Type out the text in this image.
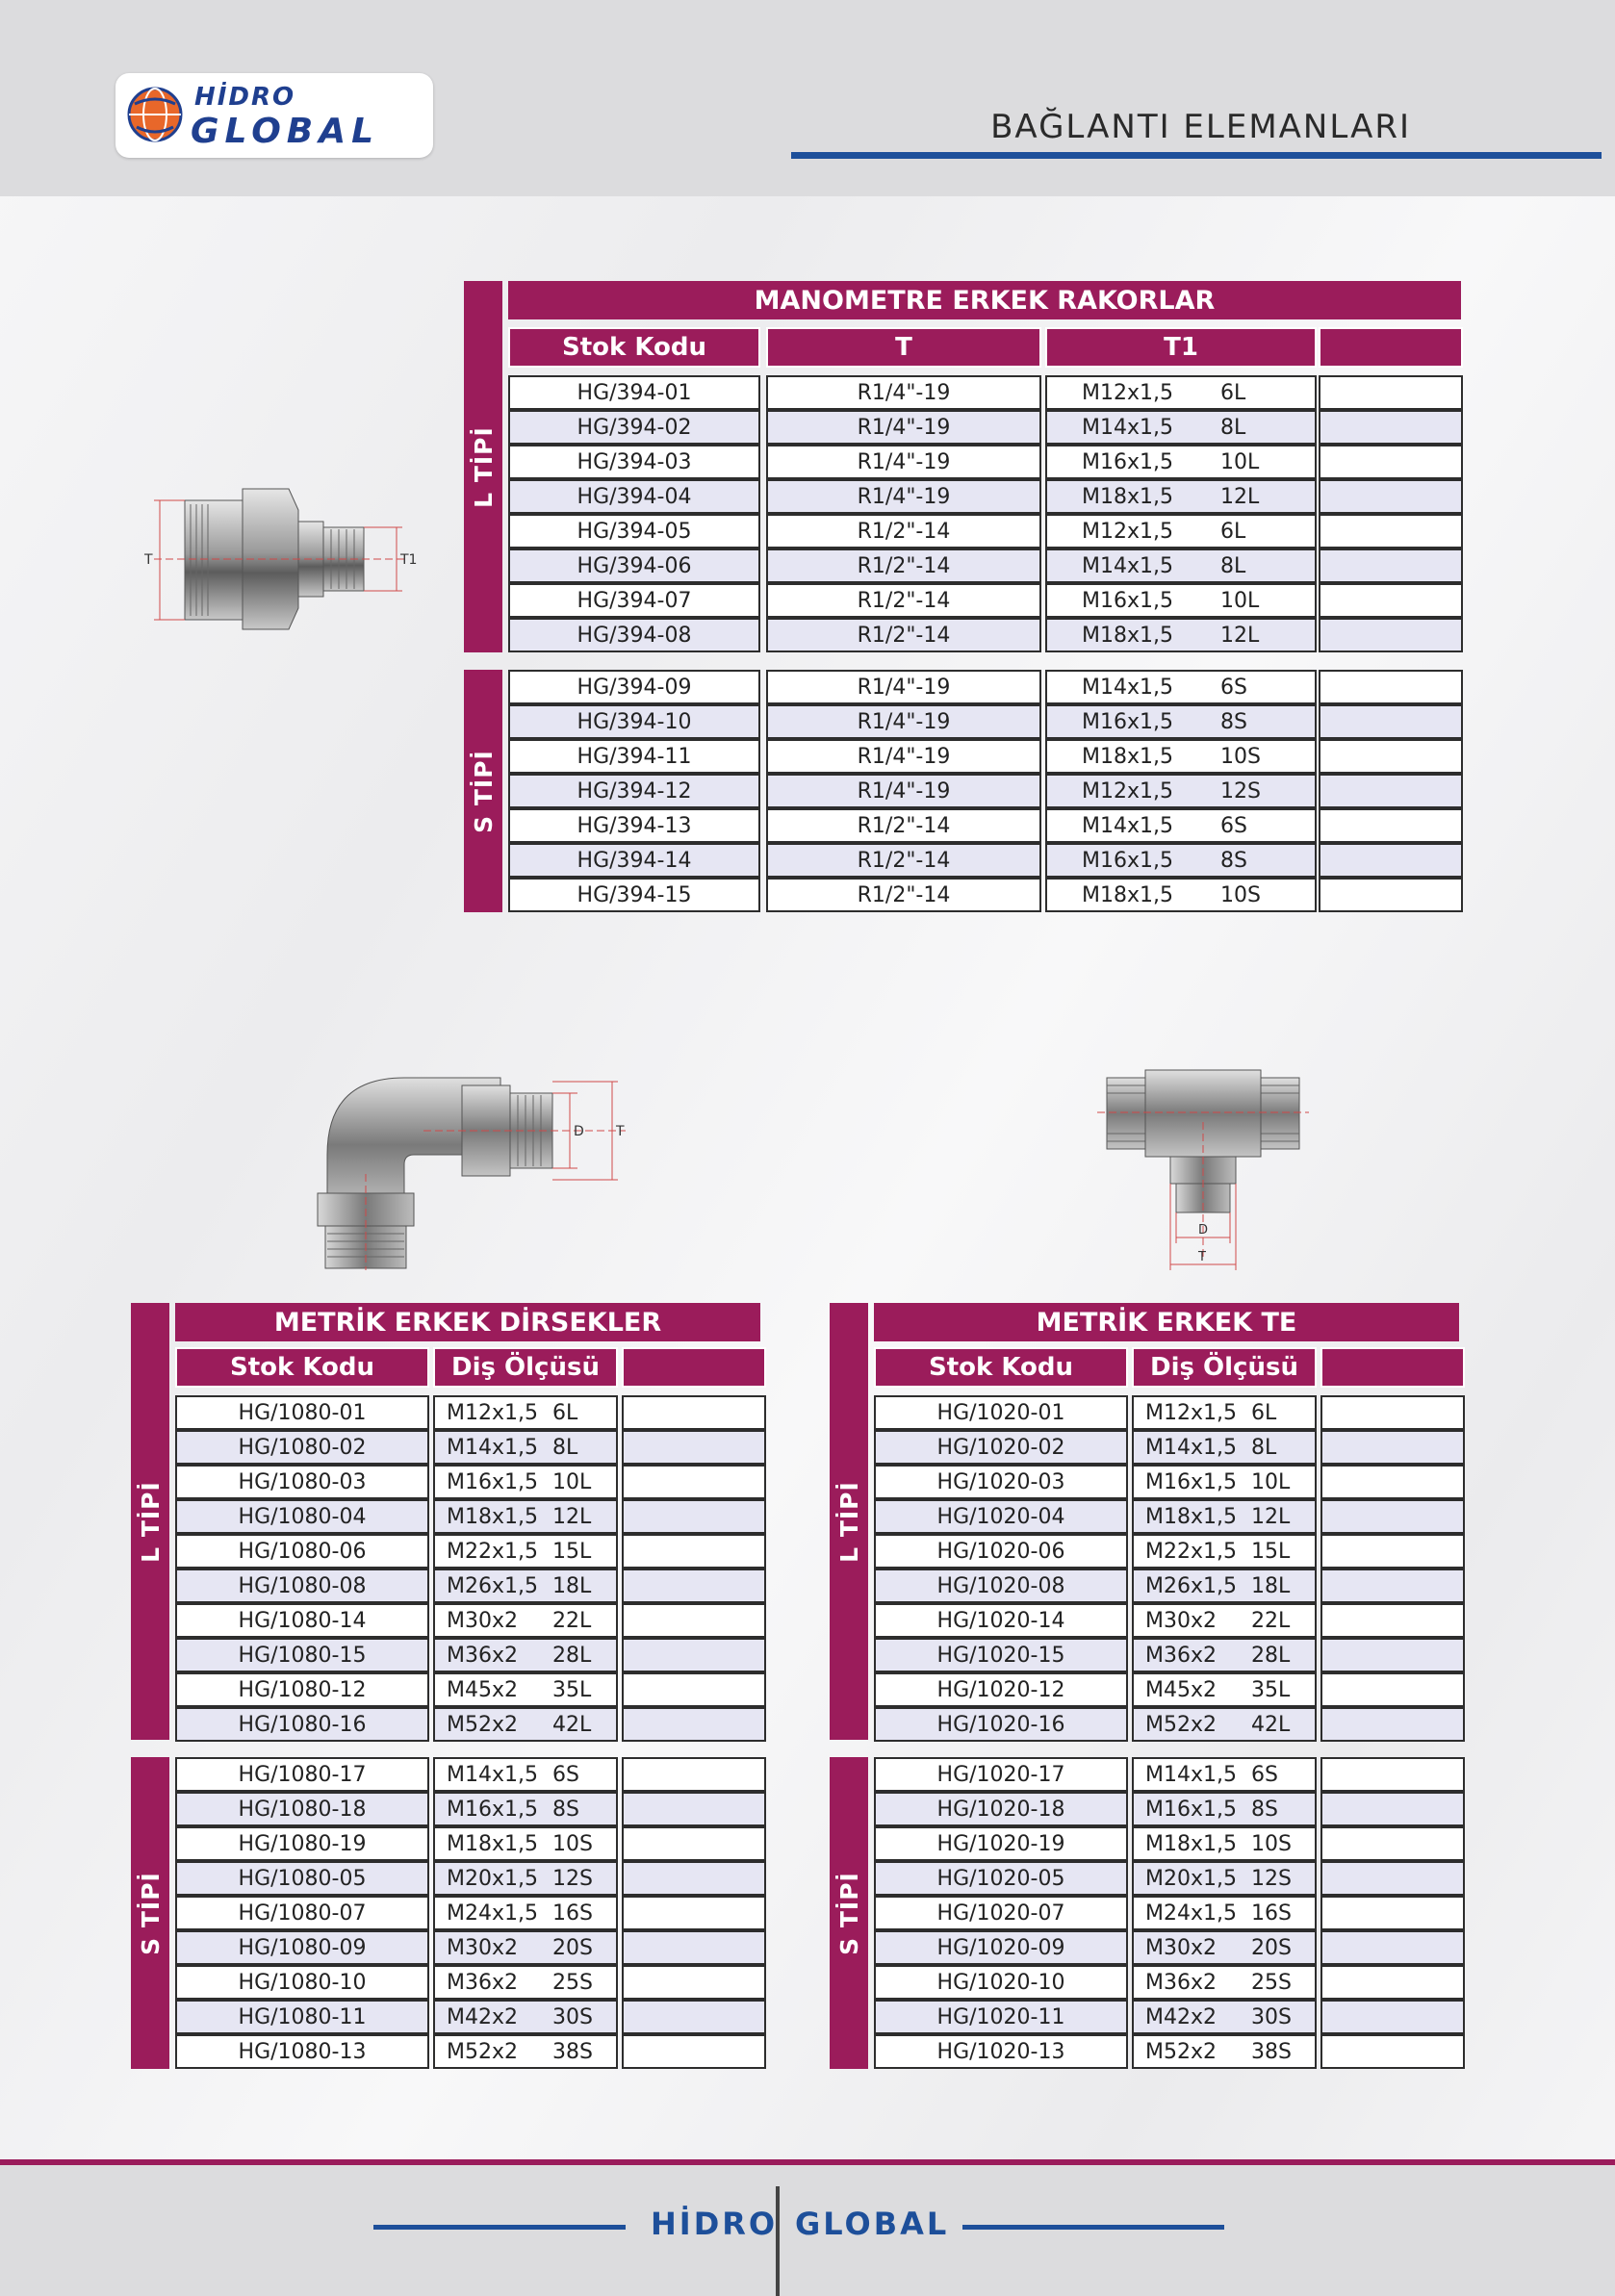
HİDRO
GLOBAL	BAĞLANTI ELEMANLARI
T	T1
D T
D
T
MANOMETRE ERKEK RAKORLAR
Stok Kodu	T	T1
L TİPİ
S TİPİ
HG/394-01	R1/4"-19	M12x1,5	6L
HG/394-02	R1/4"-19	M14x1,5	8L
HG/394-03	R1/4"-19	M16x1,5	10L
HG/394-04	R1/4"-19	M18x1,5	12L
HG/394-05	R1/2"-14	M12x1,5	6L
HG/394-06	R1/2"-14	M14x1,5	8L
HG/394-07	R1/2"-14	M16x1,5	10L
HG/394-08	R1/2"-14	M18x1,5	12L
HG/394-09	R1/4"-19	M14x1,5	6S
HG/394-10	R1/4"-19	M16x1,5	8S
HG/394-11	R1/4"-19	M18x1,5	10S
HG/394-12	R1/4"-19	M12x1,5	12S
HG/394-13	R1/2"-14	M14x1,5	6S
HG/394-14	R1/2"-14	M16x1,5	8S
HG/394-15	R1/2"-14	M18x1,5	10S
METRİK ERKEK DİRSEKLER
Stok Kodu	Diş Ölçüsü
L TİPİ
S TİPİ
HG/1080-01	M12x1,5 6L
HG/1080-02	M14x1,5 8L
HG/1080-03	M16x1,5 10L
HG/1080-04	M18x1,5 12L
HG/1080-06	M22x1,5 15L
HG/1080-08	M26x1,5 18L
HG/1080-14	M30x2	22L
HG/1080-15	M36x2	28L
HG/1080-12	M45x2	35L
HG/1080-16	M52x2	42L
HG/1080-17	M14x1,5 6S
HG/1080-18	M16x1,5 8S
HG/1080-19	M18x1,5 10S
HG/1080-05	M20x1,5 12S
HG/1080-07	M24x1,5 16S
HG/1080-09	M30x2	20S
HG/1080-10	M36x2	25S
HG/1080-11	M42x2	30S
HG/1080-13	M52x2	38S
METRİK ERKEK TE
Stok Kodu	Diş Ölçüsü
L TİPİ
S TİPİ
HG/1020-01	M12x1,5 6L
HG/1020-02	M14x1,5 8L
HG/1020-03	M16x1,5 10L
HG/1020-04	M18x1,5 12L
HG/1020-06	M22x1,5 15L
HG/1020-08	M26x1,5 18L
HG/1020-14	M30x2	22L
HG/1020-15	M36x2	28L
HG/1020-12	M45x2	35L
HG/1020-16	M52x2	42L
HG/1020-17	M14x1,5 6S
HG/1020-18	M16x1,5 8S
HG/1020-19	M18x1,5 10S
HG/1020-05	M20x1,5 12S
HG/1020-07	M24x1,5 16S
HG/1020-09	M30x2	20S
HG/1020-10	M36x2	25S
HG/1020-11	M42x2	30S
HG/1020-13	M52x2	38S
HİDRO GLOBAL
